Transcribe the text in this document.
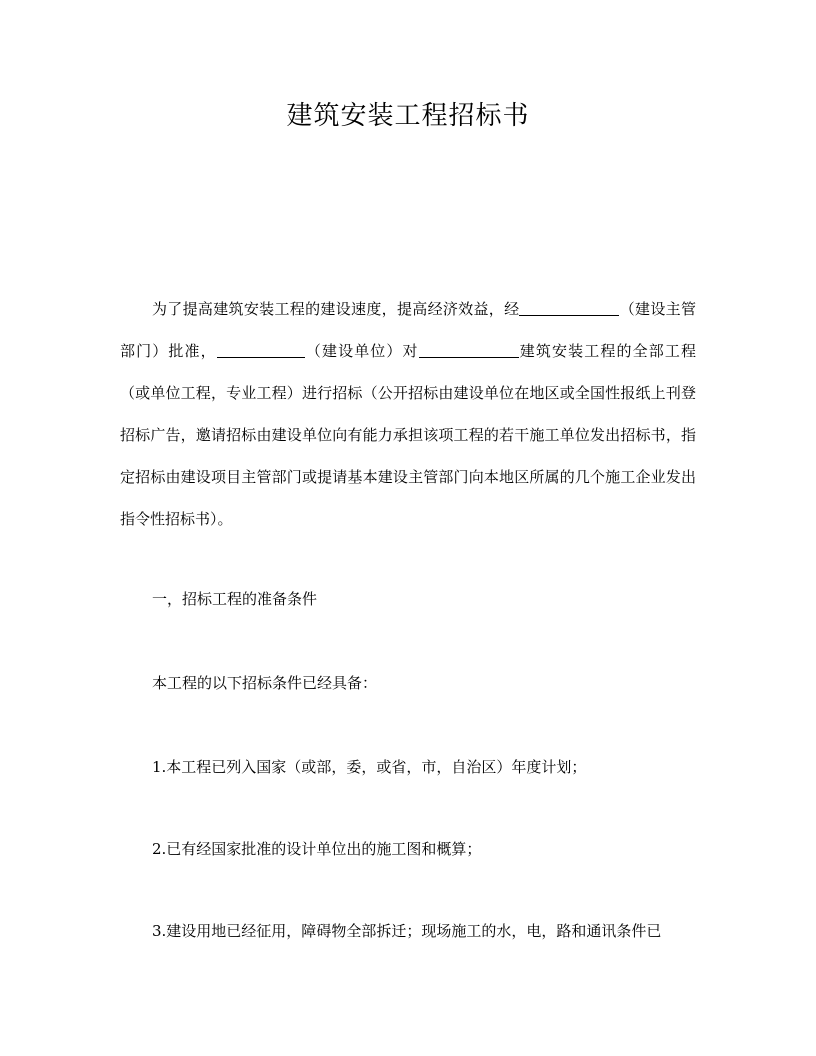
建筑安装工程招标书

为了提高建筑安装工程的建设速度，提高经济效益，经	（建设主管部门）批准，	（建设单位）对	建筑安装工程的全部工程（或单位工程，专业工程）进行招标（公开招标由建设单位在地区或全国性报纸上刊登招标广告，邀请招标由建设单位向有能力承担该项工程的若干施工单位发出招标书，指定招标由建设项目主管部门或提请基本建设主管部门向本地区所属的几个施工企业发出指令性招标书）。

一，招标工程的准备条件

本工程的以下招标条件已经具备：

1.本工程已列入国家（或部，委，或省，市，自治区）年度计划；

2.已有经国家批准的设计单位出的施工图和概算；

3.建设用地已经征用，障碍物全部拆迁；现场施工的水，电，路和通讯条件已
